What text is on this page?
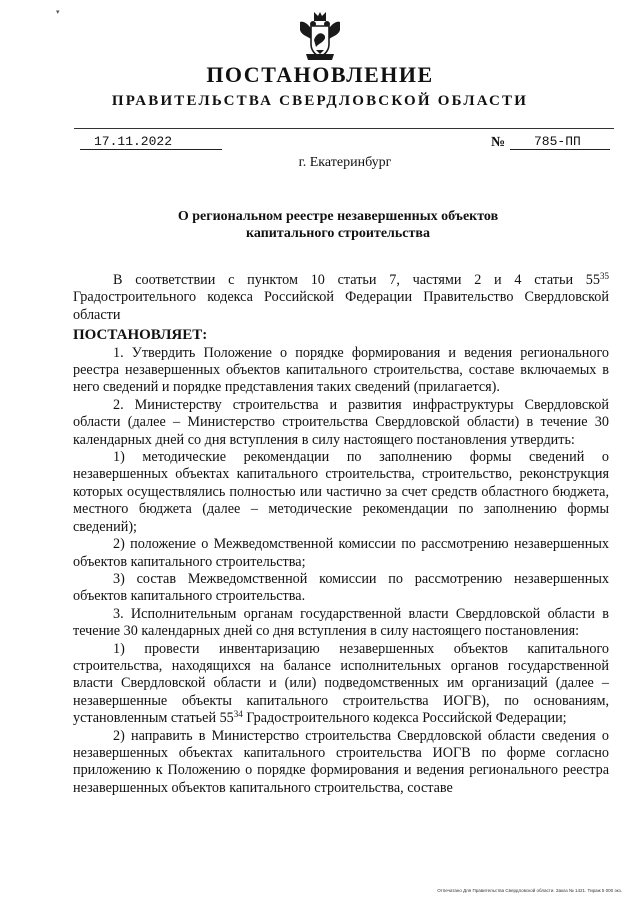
▾
ПОСТАНОВЛЕНИЕ
ПРАВИТЕЛЬСТВА СВЕРДЛОВСКОЙ ОБЛАСТИ
17.11.2022	№	785-ПП
г. Екатеринбург
О региональном реестре незавершенных объектов
капитального строительства

В соответствии с пунктом 10 статьи 7, частями 2 и 4 статьи $55^{35}$ Градостроительного кодекса Российской Федерации Правительство Свердловской области

ПОСТАНОВЛЯЕТ:

1. Утвердить Положение о порядке формирования и ведения регионального реестра незавершенных объектов капитального строительства, составе включаемых в него сведений и порядке представления таких сведений (прилагается).

2. Министерству строительства и развития инфраструктуры Свердловской области (далее – Министерство строительства Свердловской области) в течение 30 календарных дней со дня вступления в силу настоящего постановления утвердить:

1) методические рекомендации по заполнению формы сведений о незавершенных объектах капитального строительства, строительство, реконструкция которых осуществлялись полностью или частично за счет средств областного бюджета, местного бюджета (далее – методические рекомендации по заполнению формы сведений);

2) положение о Межведомственной комиссии по рассмотрению незавершенных объектов капитального строительства;

3) состав Межведомственной комиссии по рассмотрению незавершенных объектов капитального строительства.

3. Исполнительным органам государственной власти Свердловской области в течение 30 календарных дней со дня вступления в силу настоящего постановления:

1) провести инвентаризацию незавершенных объектов капитального строительства, находящихся на балансе исполнительных органов государственной власти Свердловской области и (или) подведомственных им организаций (далее – незавершенные объекты капитального строительства ИОГВ), по основаниям, установленным статьей $55^{34}$ Градостроительного кодекса Российской Федерации;

2) направить в Министерство строительства Свердловской области сведения о незавершенных объектах капитального строительства ИОГВ по форме согласно приложению к Положению о порядке формирования и ведения регионального реестра незавершенных объектов капитального строительства, составе

Отпечатано Для Правительства Свердловской области. Заказ № 1421. Тираж 5 000 экз.
